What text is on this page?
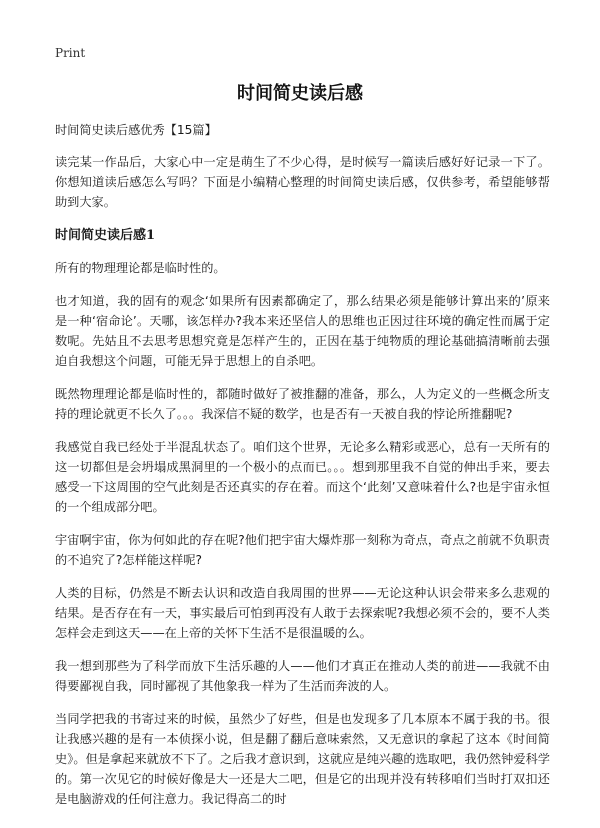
Print
时间简史读后感

时间简史读后感优秀【15篇】

读完某一作品后，大家心中一定是萌生了不少心得，是时候写一篇读后感好好记录一下了。你想知道读后感怎么写吗？下面是小编精心整理的时间简史读后感，仅供参考，希望能够帮助到大家。

时间简史读后感1

所有的物理理论都是临时性的。

也才知道，我的固有的观念‘如果所有因素都确定了，那么结果必须是能够计算出来的’原来是一种‘宿命论’。天哪，该怎样办?我本来还坚信人的思维也正因过往环境的确定性而属于定数呢。先姑且不去思考思想究竟是怎样产生的，正因在基于纯物质的理论基础搞清晰前去强迫自我想这个问题，可能无异于思想上的自杀吧。

既然物理理论都是临时性的，都随时做好了被推翻的准备，那么，人为定义的一些概念所支持的理论就更不长久了。。。我深信不疑的数学，也是否有一天被自我的悖论所推翻呢?

我感觉自我已经处于半混乱状态了。咱们这个世界，无论多么精彩或恶心，总有一天所有的这一切都但是会坍塌成黑洞里的一个极小的点而已。。。想到那里我不自觉的伸出手来，要去感受一下这周围的空气此刻是否还真实的存在着。而这个‘此刻’又意味着什么?也是宇宙永恒的一个组成部分吧。

宇宙啊宇宙，你为何如此的存在呢?他们把宇宙大爆炸那一刻称为奇点，奇点之前就不负职责的不追究了?怎样能这样呢?

人类的目标，仍然是不断去认识和改造自我周围的世界——无论这种认识会带来多么悲观的结果。是否存在有一天，事实最后可怕到再没有人敢于去探索呢?我想必须不会的，要不人类怎样会走到这天——在上帝的关怀下生活不是很温暖的么。

我一想到那些为了科学而放下生活乐趣的人——他们才真正在推动人类的前进——我就不由得要鄙视自我，同时鄙视了其他象我一样为了生活而奔波的人。

当同学把我的书寄过来的时候，虽然少了好些，但是也发现多了几本原本不属于我的书。很让我感兴趣的是有一本侦探小说，但是翻了翻后意味索然，又无意识的拿起了这本《时间简史》。但是拿起来就放不下了。之后我才意识到，这就应是纯兴趣的选取吧，我仍然钟爱科学的。第一次见它的时候好像是大一还是大二吧，但是它的出现并没有转移咱们当时打双扣还是电脑游戏的任何注意力。我记得高二的时
